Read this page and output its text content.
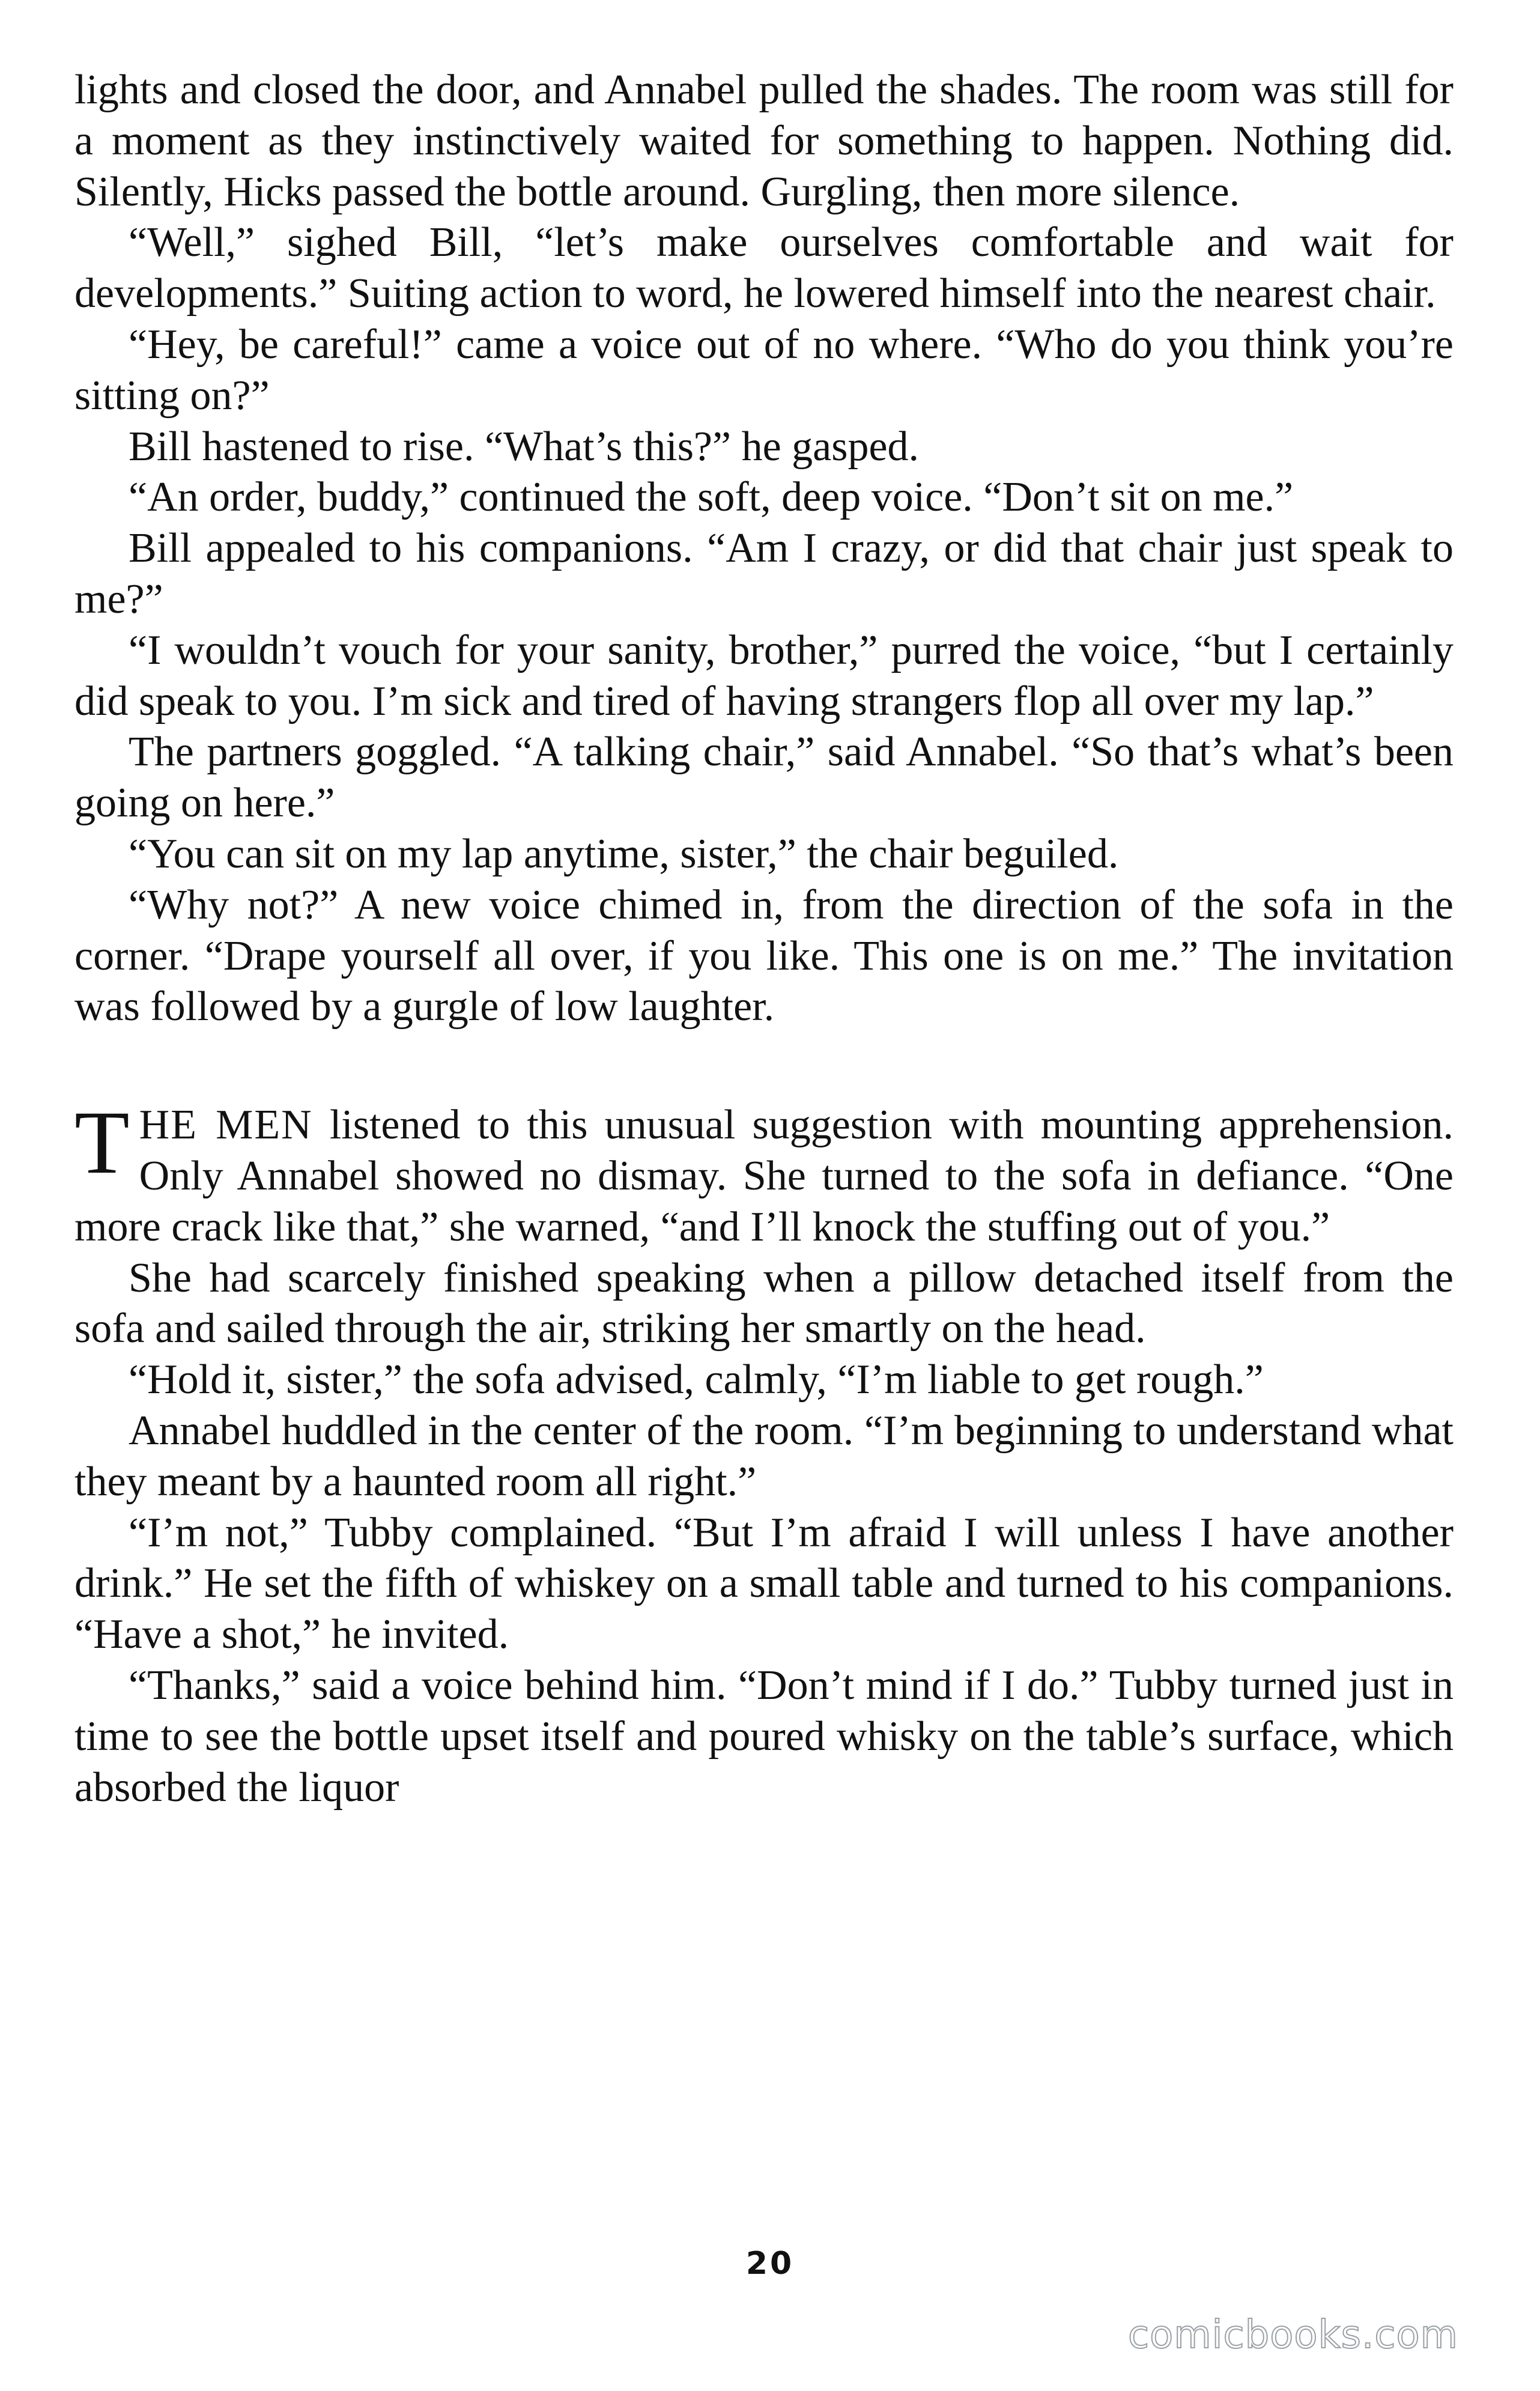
lights and closed the door, and Annabel pulled the shades. The room was still for a moment as they instinctively waited for something to happen. Nothing did. Silently, Hicks passed the bottle around. Gurgling, then more silence.

“Well,” sighed Bill, “let’s make ourselves comfortable and wait for developments.” Suiting action to word, he lowered himself into the nearest chair.

“Hey, be careful!” came a voice out of no where. “Who do you think you’re sitting on?”

Bill hastened to rise. “What’s this?” he gasped.

“An order, buddy,” continued the soft, deep voice. “Don’t sit on me.”

Bill appealed to his companions. “Am I crazy, or did that chair just speak to me?”

“I wouldn’t vouch for your sanity, brother,” purred the voice, “but I certainly did speak to you. I’m sick and tired of having strangers flop all over my lap.”

The partners goggled. “A talking chair,” said Annabel. “So that’s what’s been going on here.”

“You can sit on my lap anytime, sister,” the chair beguiled.

“Why not?” A new voice chimed in, from the direction of the sofa in the corner. “Drape yourself all over, if you like. This one is on me.” The invitation was followed by a gurgle of low laughter.

THE MEN listened to this unusual suggestion with mounting apprehension. Only Annabel showed no dismay. She turned to the sofa in defiance. “One more crack like that,” she warned, “and I’ll knock the stuffing out of you.”

She had scarcely finished speaking when a pillow detached itself from the sofa and sailed through the air, striking her smartly on the head.

“Hold it, sister,” the sofa advised, calmly, “I’m liable to get rough.”

Annabel huddled in the center of the room. “I’m beginning to understand what they meant by a haunted room all right.”

“I’m not,” Tubby complained. “But I’m afraid I will unless I have another drink.” He set the fifth of whiskey on a small table and turned to his companions. “Have a shot,” he invited.

“Thanks,” said a voice behind him. “Don’t mind if I do.” Tubby turned just in time to see the bottle upset itself and poured whisky on the table’s surface, which absorbed the liquor

20
comicbooks.com
